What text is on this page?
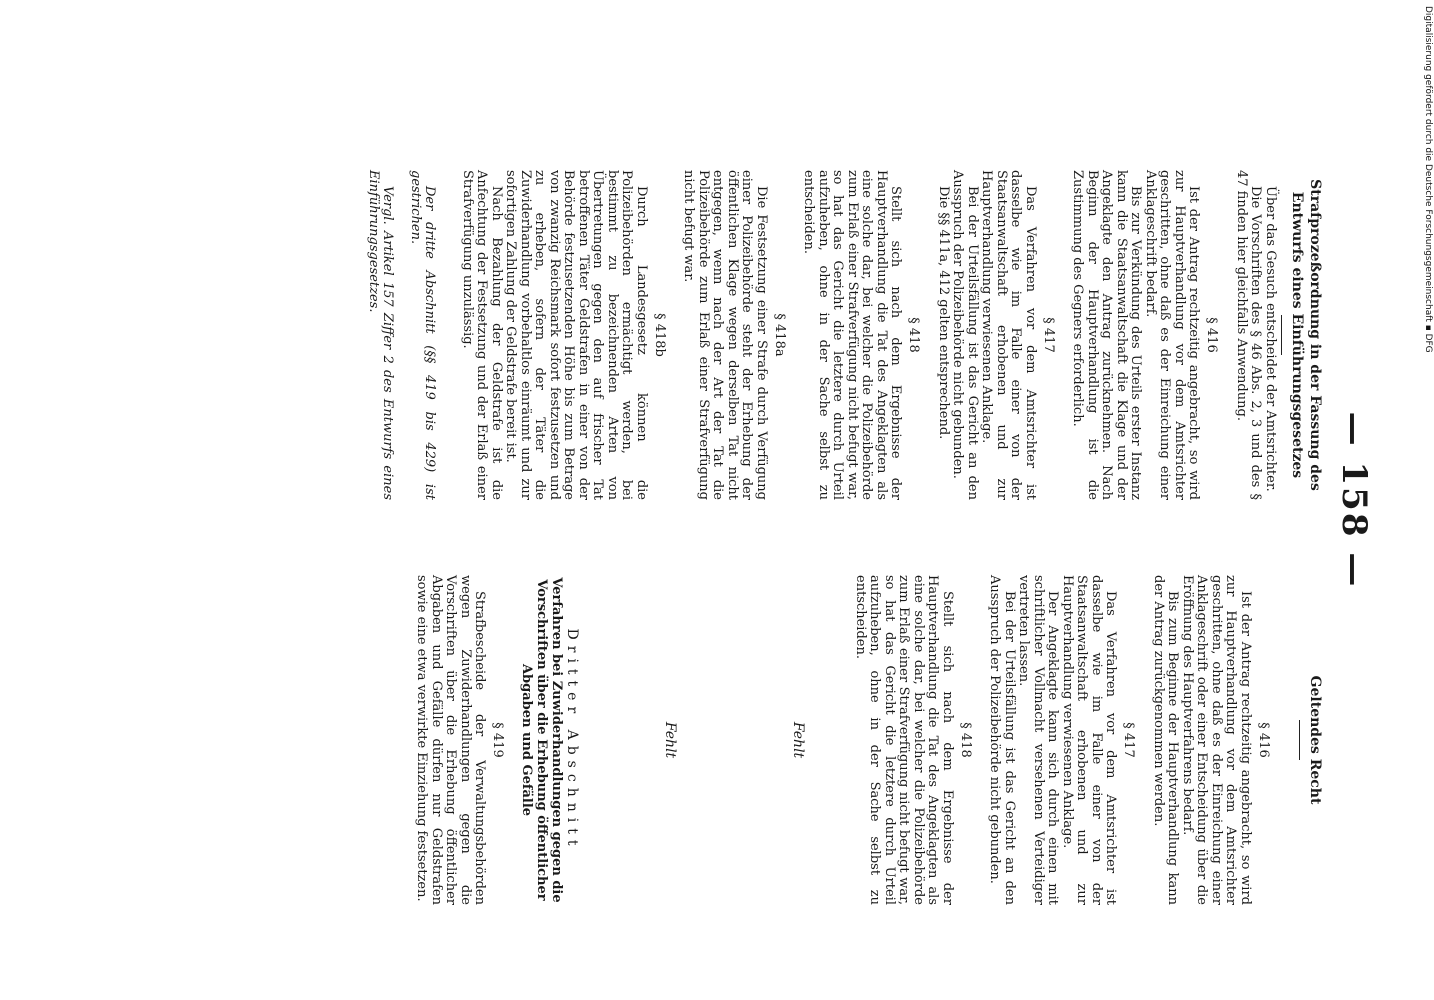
— 158 —
Strafprozeßordnung in der Fassung des Entwurfs eines Einführungsgesetzes

Über das Gesuch entscheidet der Amtsrichter.

Die Vorschriften des § 46 Abs. 2, 3 und des § 47 finden hier gleichfalls Anwendung.

§ 416

Ist der Antrag rechtzeitig angebracht, so wird zur Hauptverhandlung vor dem Amtsrichter geschritten, ohne daß es der Einreichung einer Anklageschrift bedarf.

Bis zur Verkündung des Urteils erster Instanz kann die Staatsanwaltschaft die Klage und der Angeklagte den Antrag zurücknehmen. Nach Beginn der Hauptverhandlung ist die Zustimmung des Gegners erforderlich.

§ 417

Das Verfahren vor dem Amtsrichter ist dasselbe wie im Falle einer von der Staatsanwaltschaft erhobenen und zur Hauptverhandlung verwiesenen Anklage.

Bei der Urteilsfällung ist das Gericht an den Ausspruch der Polizeibehörde nicht gebunden.

Die §§ 411a, 412 gelten entsprechend.

§ 418

Stellt sich nach dem Ergebnisse der Hauptverhandlung die Tat des Angeklagten als eine solche dar, bei welcher die Polizeibehörde zum Erlaß einer Strafverfügung nicht befugt war, so hat das Gericht die letztere durch Urteil aufzuheben, ohne in der Sache selbst zu entscheiden.

§ 418a

Die Festsetzung einer Strafe durch Verfügung einer Polizeibehörde steht der Erhebung der öffentlichen Klage wegen derselben Tat nicht entgegen, wenn nach der Art der Tat die Polizeibehörde zum Erlaß einer Strafverfügung nicht befugt war.

§ 418b

Durch Landesgesetz können die Polizeibehörden ermächtigt werden, bei bestimmt zu bezeichnenden Arten von Übertretungen gegen den auf frischer Tat betroffenen Täter Geldstrafen in einer von der Behörde festzusetzenden Höhe bis zum Betrage von zwanzig Reichsmark sofort festzusetzen und zu erheben, sofern der Täter die Zuwiderhandlung vorbehaltlos einräumt und zur sofortigen Zahlung der Geldstrafe bereit ist.

Nach Bezahlung der Geldstrafe ist die Anfechtung der Festsetzung und der Erlaß einer Strafverfügung unzulässig.

Der dritte Abschnitt (§§ 419 bis 429) ist gestrichen.

Vergl. Artikel 157 Ziffer 2 des Entwurfs eines Einführungsgesetzes.

Geltendes Recht
§ 416

Ist der Antrag rechtzeitig angebracht, so wird zur Hauptverhandlung vor dem Amtsrichter geschritten, ohne daß es der Einreichung einer Anklageschrift oder einer Entscheidung über die Eröffnung des Hauptverfahrens bedarf.

Bis zum Beginne der Hauptverhandlung kann der Antrag zurückgenommen werden.

§ 417

Das Verfahren vor dem Amtsrichter ist dasselbe wie im Falle einer von der Staatsanwaltschaft erhobenen und zur Hauptverhandlung verwiesenen Anklage.

Der Angeklagte kann sich durch einen mit schriftlicher Vollmacht versehenen Verteidiger vertreten lassen.

Bei der Urteilsfällung ist das Gericht an den Ausspruch der Polizeibehörde nicht gebunden.

§ 418

Stellt sich nach dem Ergebnisse der Hauptverhandlung die Tat des Angeklagten als eine solche dar, bei welcher die Polizeibehörde zum Erlaß einer Strafverfügung nicht befugt war, so hat das Gericht die letztere durch Urteil aufzuheben, ohne in der Sache selbst zu entscheiden.

Fehlt
Fehlt
Dritter Abschnitt
Verfahren bei Zuwiderhandlungen gegen die Vorschriften über die Erhebung öffentlicher Abgaben und Gefälle
§ 419

Strafbescheide der Verwaltungsbehörden wegen Zuwiderhandlungen gegen die Vorschriften über die Erhebung öffentlicher Abgaben und Gefälle dürfen nur Geldstrafen sowie eine etwa verwirkte Einziehung festsetzen.

Digitalisierung gefördert durch die Deutsche Forschungsgemeinschaft ▪ DFG
